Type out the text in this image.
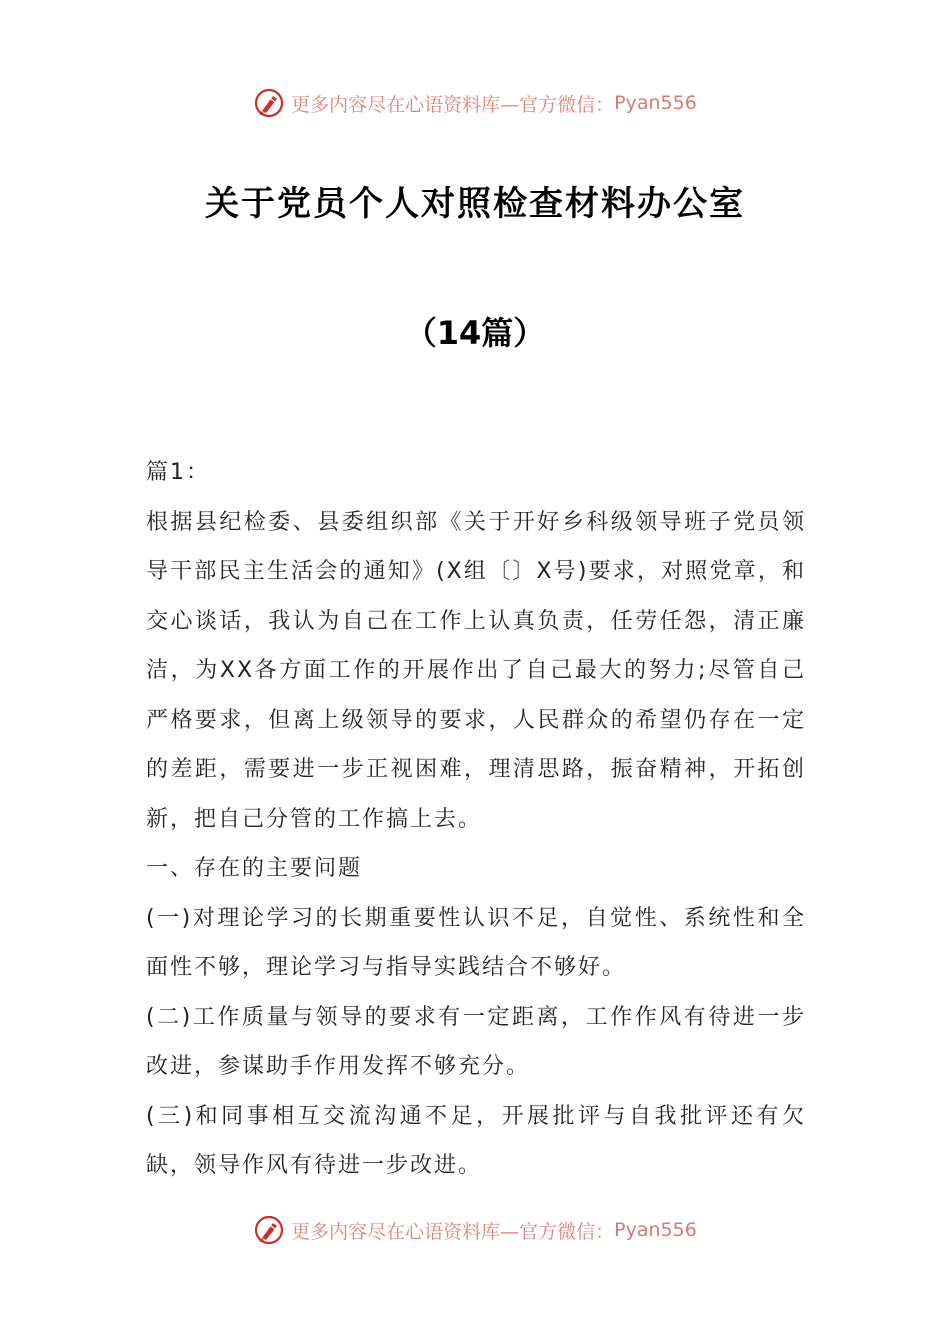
更多内容尽在心语资料库—官方微信： Pyan556
关于党员个人对照检查材料办公室
（14篇）

篇1：

根据县纪检委、县委组织部《关于开好乡科级领导班子党员领导干部民主生活会的通知》(X组〔〕X号)要求，对照党章，和交心谈话，我认为自己在工作上认真负责，任劳任怨，清正廉洁，为XX各方面工作的开展作出了自己最大的努力;尽管自己严格要求，但离上级领导的要求，人民群众的希望仍存在一定的差距，需要进一步正视困难，理清思路，振奋精神，开拓创新，把自己分管的工作搞上去。

一、存在的主要问题

(一)对理论学习的长期重要性认识不足，自觉性、系统性和全面性不够，理论学习与指导实践结合不够好。

(二)工作质量与领导的要求有一定距离，工作作风有待进一步改进，参谋助手作用发挥不够充分。

(三)和同事相互交流沟通不足，开展批评与自我批评还有欠缺，领导作风有待进一步改进。

更多内容尽在心语资料库—官方微信： Pyan556
